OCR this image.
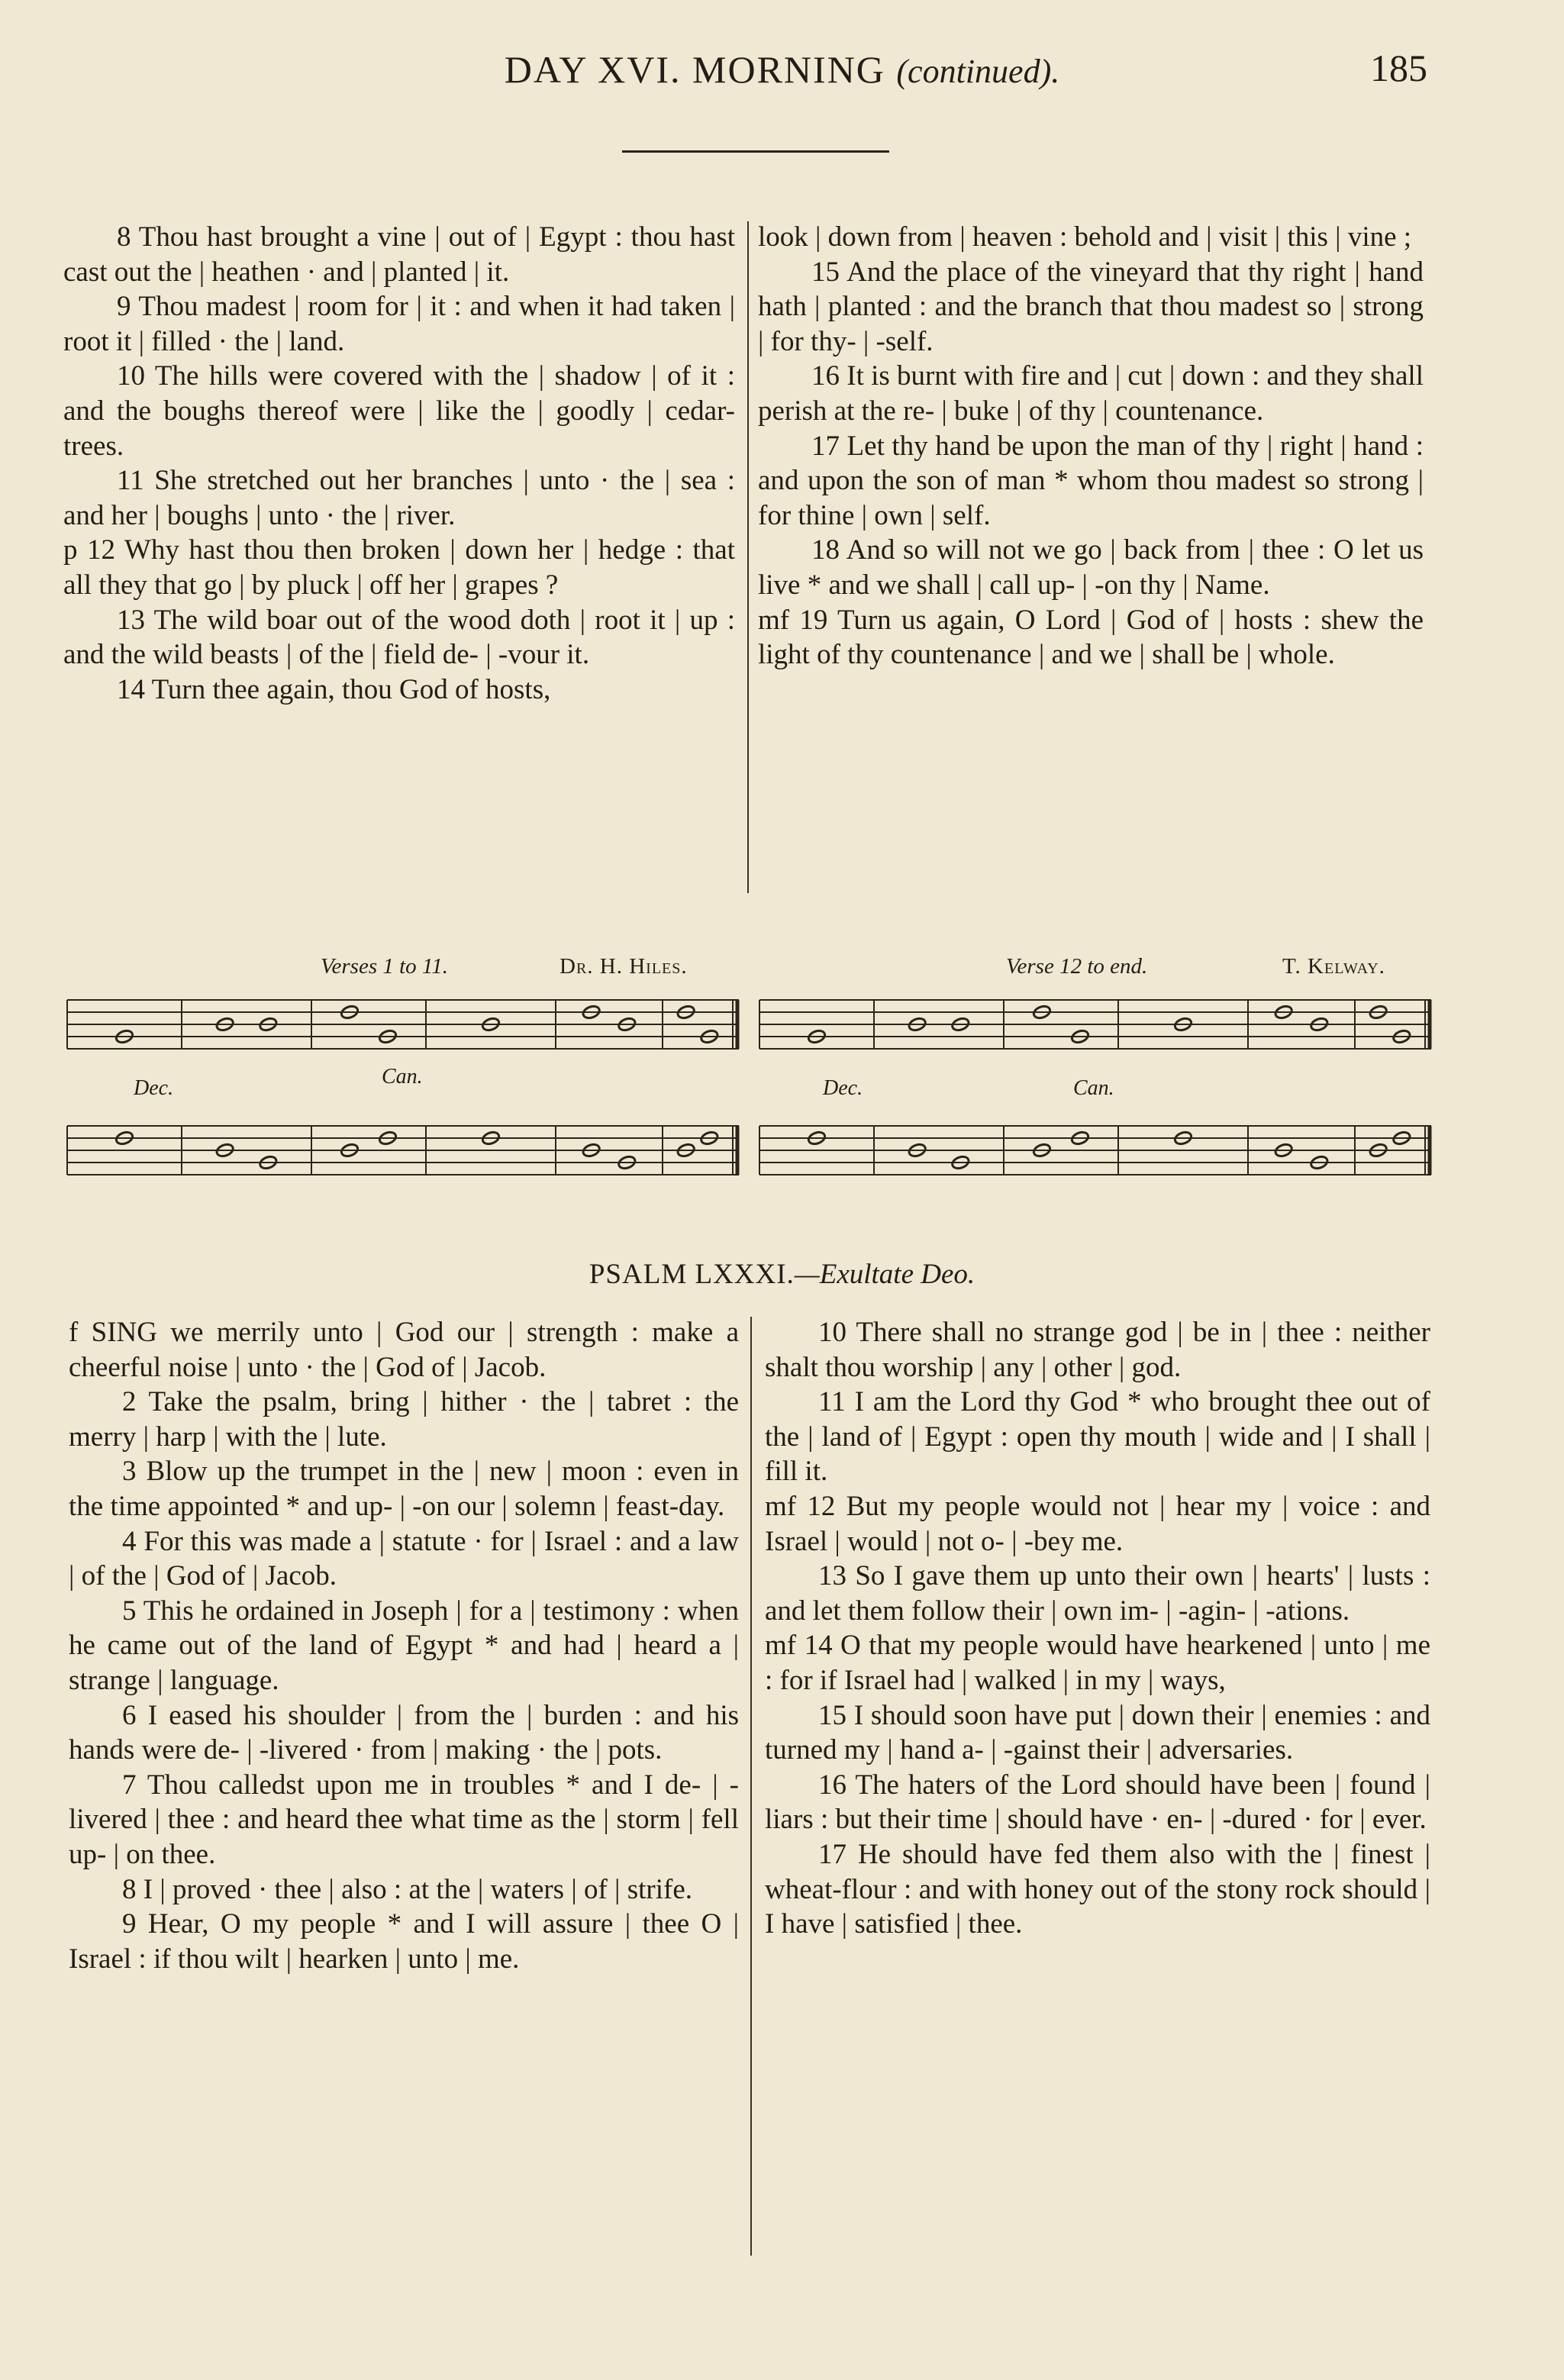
DAY XVI. MORNING (continued).	185

8 Thou hast brought a vine | out of | Egypt : thou hast cast out the | heathen · and | planted | it.

9 Thou madest | room for | it : and when it had taken | root it | filled · the | land.

10 The hills were covered with the | shadow | of it : and the boughs thereof were | like the | goodly | cedar-trees.

11 She stretched out her branches | unto · the | sea : and her | boughs | unto · the | river.

p 12 Why hast thou then broken | down her | hedge : that all they that go | by pluck | off her | grapes ?

13 The wild boar out of the wood doth | root it | up : and the wild beasts | of the | field de- | -vour it.

14 Turn thee again, thou God of hosts,

look | down from | heaven : behold and | visit | this | vine ;

15 And the place of the vineyard that thy right | hand hath | planted : and the branch that thou madest so | strong | for thy- | -self.

16 It is burnt with fire and | cut | down : and they shall perish at the re- | buke | of thy | countenance.

17 Let thy hand be upon the man of thy | right | hand : and upon the son of man * whom thou madest so strong | for thine | own | self.

18 And so will not we go | back from | thee : O let us live * and we shall | call up- | -on thy | Name.

mf 19 Turn us again, O Lord | God of | hosts : shew the light of thy countenance | and we | shall be | whole.

Verses 1 to 11.	Dr. H. Hiles.
Dec.	Can.
Verse 12 to end.	T. Kelway.
Dec.	Can.
PSALM LXXXI.—Exultate Deo.

f SING we merrily unto | God our | strength : make a cheerful noise | unto · the | God of | Jacob.

2 Take the psalm, bring | hither · the | tabret : the merry | harp | with the | lute.

3 Blow up the trumpet in the | new | moon : even in the time appointed * and up- | -on our | solemn | feast-day.

4 For this was made a | statute · for | Israel : and a law | of the | God of | Jacob.

5 This he ordained in Joseph | for a | testimony : when he came out of the land of Egypt * and had | heard a | strange | language.

6 I eased his shoulder | from the | burden : and his hands were de- | -livered · from | making · the | pots.

7 Thou calledst upon me in troubles * and I de- | -livered | thee : and heard thee what time as the | storm | fell up- | on thee.

8 I | proved · thee | also : at the | waters | of | strife.

9 Hear, O my people * and I will assure | thee O | Israel : if thou wilt | hearken | unto | me.

10 There shall no strange god | be in | thee : neither shalt thou worship | any | other | god.

11 I am the Lord thy God * who brought thee out of the | land of | Egypt : open thy mouth | wide and | I shall | fill it.

mf 12 But my people would not | hear my | voice : and Israel | would | not o- | -bey me.

13 So I gave them up unto their own | hearts' | lusts : and let them follow their | own im- | -agin- | -ations.

mf 14 O that my people would have hearkened | unto | me : for if Israel had | walked | in my | ways,

15 I should soon have put | down their | enemies : and turned my | hand a- | -gainst their | adversaries.

16 The haters of the Lord should have been | found | liars : but their time | should have · en- | -dured · for | ever.

17 He should have fed them also with the | finest | wheat-flour : and with honey out of the stony rock should | I have | satisfied | thee.
